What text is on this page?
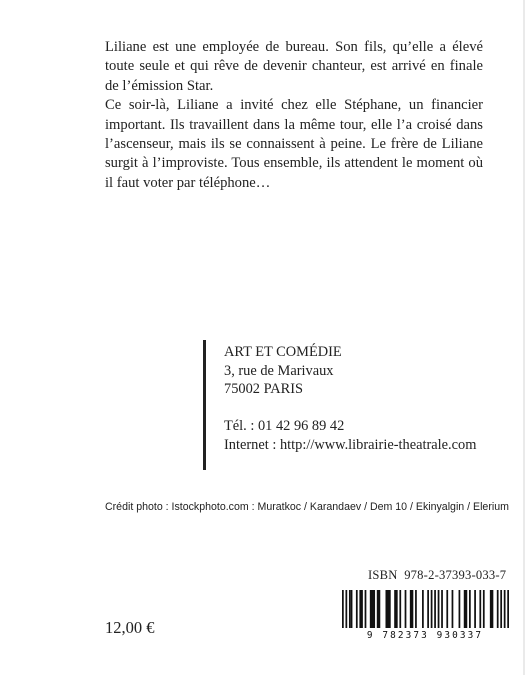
Liliane est une employée de bureau. Son fils, qu’elle a élevé toute seule et qui rêve de devenir chanteur, est arrivé en finale de l’émission Star.

Ce soir-là, Liliane a invité chez elle Stéphane, un financier important. Ils travaillent dans la même tour, elle l’a croisé dans l’ascenseur, mais ils se connaissent à peine. Le frère de Liliane surgit à l’improviste. Tous ensemble, ils attendent le moment où il faut voter par téléphone…

ART ET COMÉDIE
3, rue de Marivaux
75002 PARIS
Tél. : 01 42 96 89 42
Internet : http://www.librairie-theatrale.com
Crédit photo : Istockphoto.com : Muratkoc / Karandaev / Dem 10 / Ekinyalgin / Elerium
ISBN  978-2-37393-033-7
9 782373 930337
12,00 €
